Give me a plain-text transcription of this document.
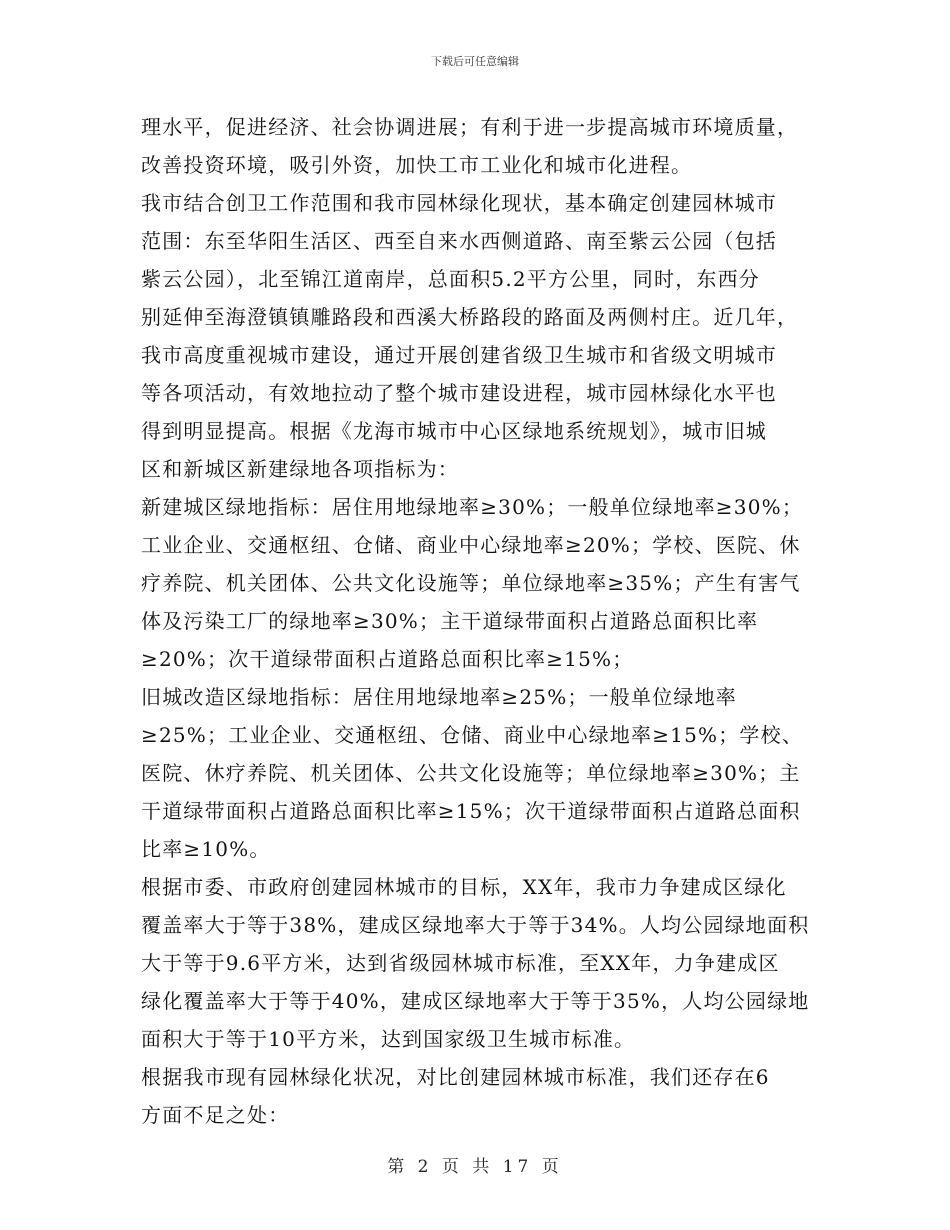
下载后可任意编辑
理水平，促进经济、社会协调进展；有利于进一步提高城市环境质量，
改善投资环境，吸引外资，加快工市工业化和城市化进程。
我市结合创卫工作范围和我市园林绿化现状，基本确定创建园林城市
范围：东至华阳生活区、西至自来水西侧道路、南至紫云公园（包括
紫云公园），北至锦江道南岸，总面积5.2平方公里，同时，东西分
别延伸至海澄镇镇雕路段和西溪大桥路段的路面及两侧村庄。近几年，
我市高度重视城市建设，通过开展创建省级卫生城市和省级文明城市
等各项活动，有效地拉动了整个城市建设进程，城市园林绿化水平也
得到明显提高。根据《龙海市城市中心区绿地系统规划》，城市旧城
区和新城区新建绿地各项指标为：
新建城区绿地指标：居住用地绿地率≥30%；一般单位绿地率≥30%；
工业企业、交通枢纽、仓储、商业中心绿地率≥20%；学校、医院、休
疗养院、机关团体、公共文化设施等；单位绿地率≥35%；产生有害气
体及污染工厂的绿地率≥30%；主干道绿带面积占道路总面积比率
≥20%；次干道绿带面积占道路总面积比率≥15%；
旧城改造区绿地指标：居住用地绿地率≥25%；一般单位绿地率
≥25%；工业企业、交通枢纽、仓储、商业中心绿地率≥15%；学校、
医院、休疗养院、机关团体、公共文化设施等；单位绿地率≥30%；主
干道绿带面积占道路总面积比率≥15%；次干道绿带面积占道路总面积
比率≥10%。
根据市委、市政府创建园林城市的目标，XX年，我市力争建成区绿化
覆盖率大于等于38%，建成区绿地率大于等于34%。人均公园绿地面积
大于等于9.6平方米，达到省级园林城市标准，至XX年，力争建成区
绿化覆盖率大于等于40%，建成区绿地率大于等于35%，人均公园绿地
面积大于等于10平方米，达到国家级卫生城市标准。
根据我市现有园林绿化状况，对比创建园林城市标准，我们还存在6
方面不足之处：
第 2 页 共 17 页
